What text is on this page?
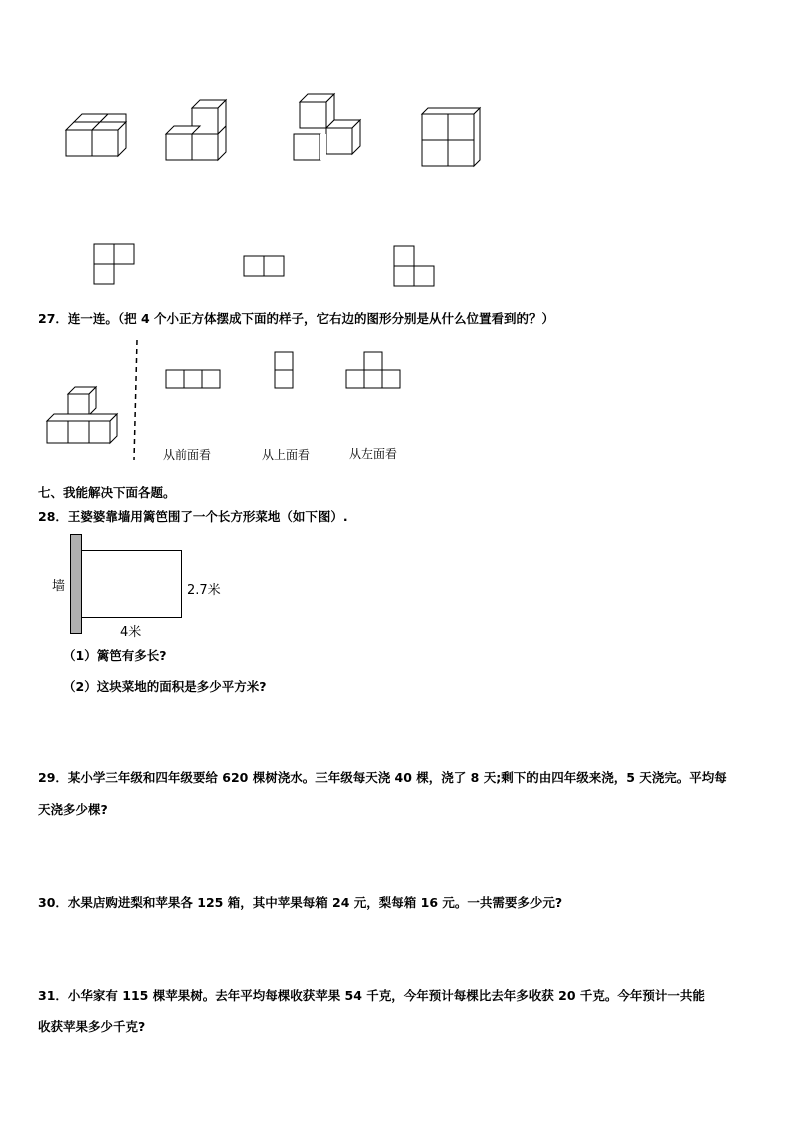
27．连一连。（把 4 个小正方体摆成下面的样子，它右边的图形分别是从什么位置看到的？）
从前面看	从上面看	从左面看
七、我能解决下面各题。
28．王婆婆靠墙用篱笆围了一个长方形菜地（如下图）.
墙	2.7米
4米
（1）篱笆有多长?
（2）这块菜地的面积是多少平方米?
29．某小学三年级和四年级要给 620 棵树浇水。三年级每天浇 40 棵，浇了 8 天;剩下的由四年级来浇，5 天浇完。平均每
天浇多少棵?
30．水果店购进梨和苹果各 125 箱，其中苹果每箱 24 元，梨每箱 16 元。一共需要多少元?
31．小华家有 115 棵苹果树。去年平均每棵收获苹果 54 千克，今年预计每棵比去年多收获 20 千克。今年预计一共能
收获苹果多少千克?
